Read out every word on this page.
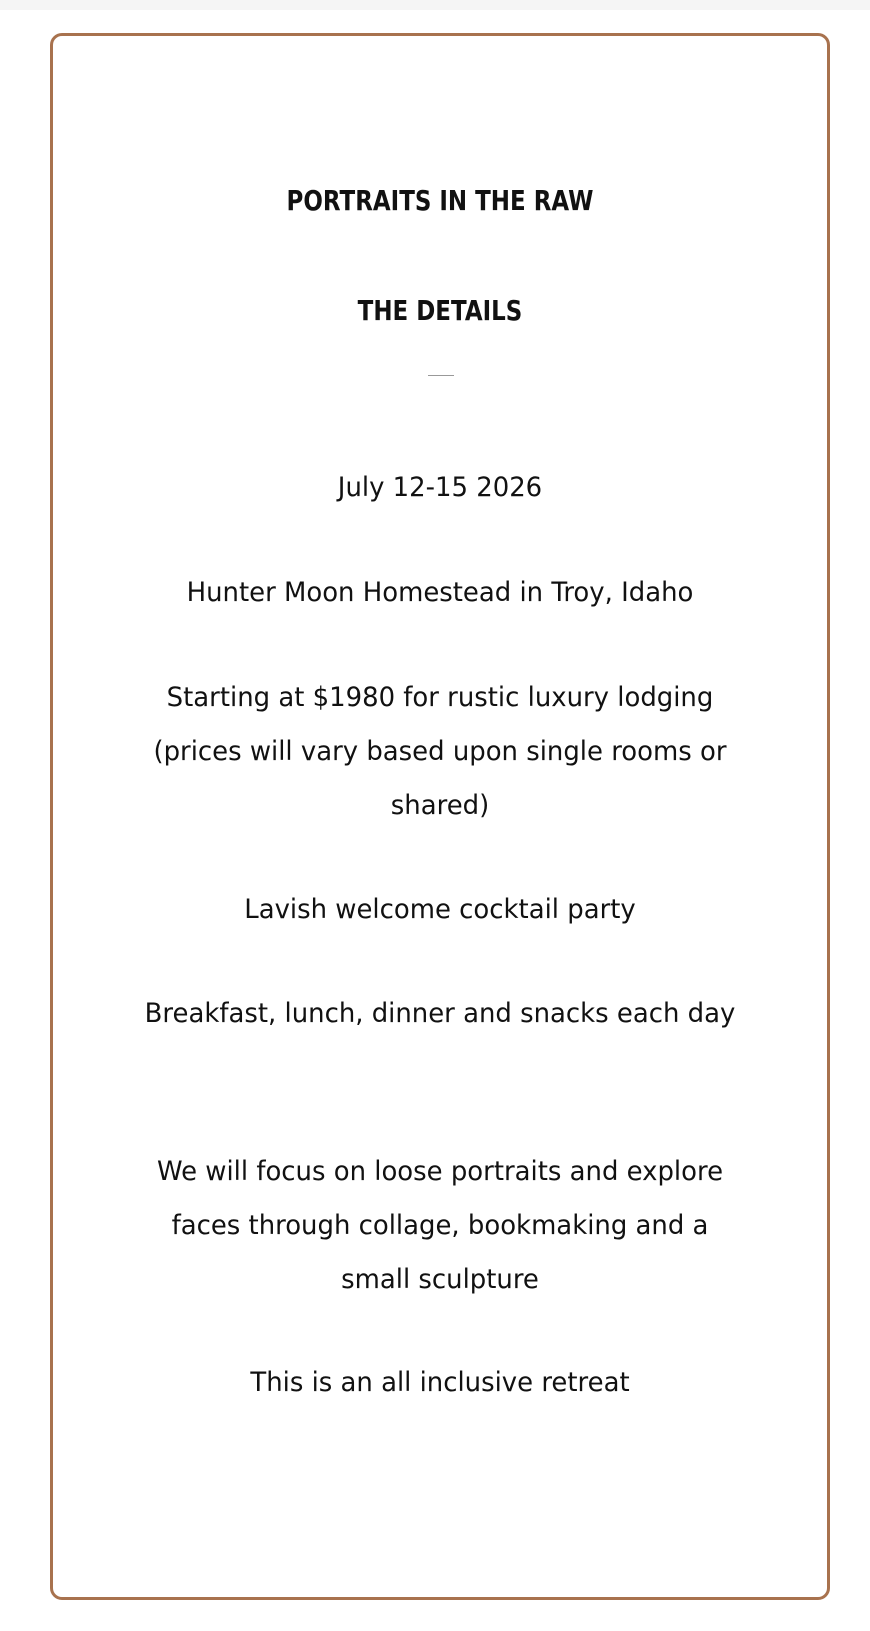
PORTRAITS IN THE RAW
THE DETAILS

July 12-15 2026

Hunter Moon Homestead in Troy, Idaho

Starting at $1980 for rustic luxury lodging (prices will vary based upon single rooms or shared)

Lavish welcome cocktail party

Breakfast, lunch, dinner and snacks each day

We will focus on loose portraits and explore faces through collage, bookmaking and a small sculpture

This is an all inclusive retreat
